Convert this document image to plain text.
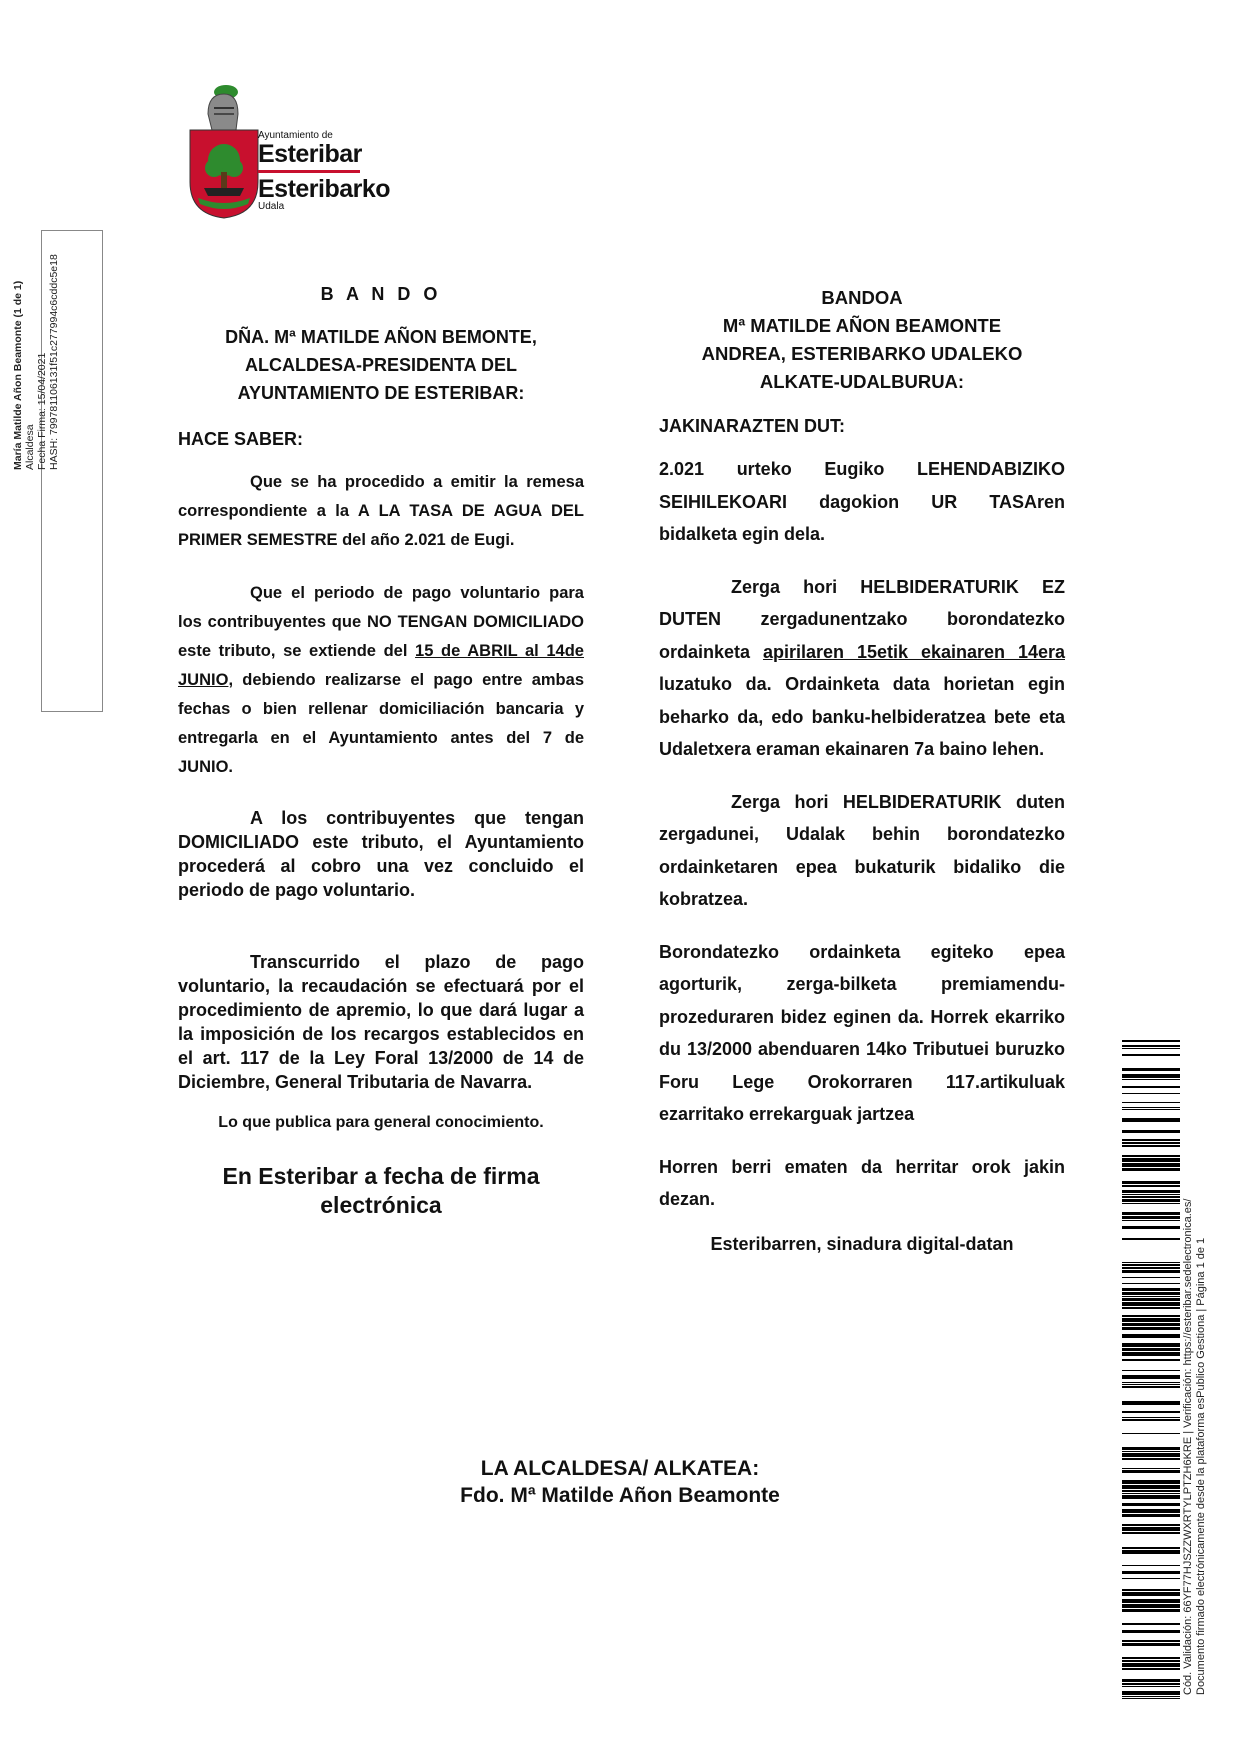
Ayuntamiento de
Esteribar
Esteribarko
Udala
María Matilde Añon Beamonte (1 de 1) Alcaldesa Fecha Firma: 15/04/2021 HASH: 799781106131f51c277994c6cddc5e18	B A N D O

DÑA. Mª MATILDE AÑON BEMONTE,

ALCALDESA-PRESIDENTA DEL

AYUNTAMIENTO DE ESTERIBAR:

HACE SABER:

Que se ha procedido a emitir la remesa correspondiente a la A LA TASA DE AGUA DEL PRIMER SEMESTRE del año 2.021 de Eugi.

Que el periodo de pago voluntario para los contribuyentes que NO TENGAN DOMICILIADO este tributo, se extiende del 15 de ABRIL al 14de JUNIO, debiendo realizarse el pago entre ambas fechas o bien rellenar domiciliación bancaria y entregarla en el Ayuntamiento antes del 7 de JUNIO.

A los contribuyentes que tengan DOMICILIADO este tributo, el Ayuntamiento procederá al cobro una vez concluido el periodo de pago voluntario.

Transcurrido el plazo de pago voluntario, la recaudación se efectuará por el procedimiento de apremio, lo que dará lugar a la imposición de los recargos establecidos en el art. 117 de la Ley Foral 13/2000 de 14 de Diciembre, General Tributaria de Navarra.

Lo que publica para general conocimiento.

En Esteribar a fecha de firma electrónica

BANDOA

Mª MATILDE AÑON BEAMONTE

ANDREA, ESTERIBARKO UDALEKO

ALKATE-UDALBURUA:

JAKINARAZTEN DUT:

2.021 urteko Eugiko LEHENDABIZIKO SEIHILEKOARI dagokion UR TASAren bidalketa egin dela.

Zerga hori HELBIDERATURIK EZ DUTEN zergadunentzako borondatezko ordainketa apirilaren 15etik ekainaren 14era luzatuko da. Ordainketa data horietan egin beharko da, edo banku-helbideratzea bete eta Udaletxera eraman ekainaren 7a baino lehen.

Zerga hori HELBIDERATURIK duten zergadunei, Udalak behin borondatezko ordainketaren epea bukaturik bidaliko die kobratzea.

Borondatezko ordainketa egiteko epea agorturik, zerga-bilketa premiamendu-prozeduraren bidez eginen da. Horrek ekarriko du 13/2000 abenduaren 14ko Tributuei buruzko Foru Lege Orokorraren 117.artikuluak ezarritako errekarguak jartzea

Horren berri ematen da herritar orok jakin dezan.

Esteribarren, sinadura digital-datan

LA ALCALDESA/ ALKATEA:
Fdo. Mª Matilde Añon Beamonte	Cód. Validación: 66YF77HJSZZWXRTYLPTZH6KRE | Verificación: https://esteribar.sedelectronica.es/ Documento firmado electrónicamente desde la plataforma esPublico Gestiona | Página 1 de 1
